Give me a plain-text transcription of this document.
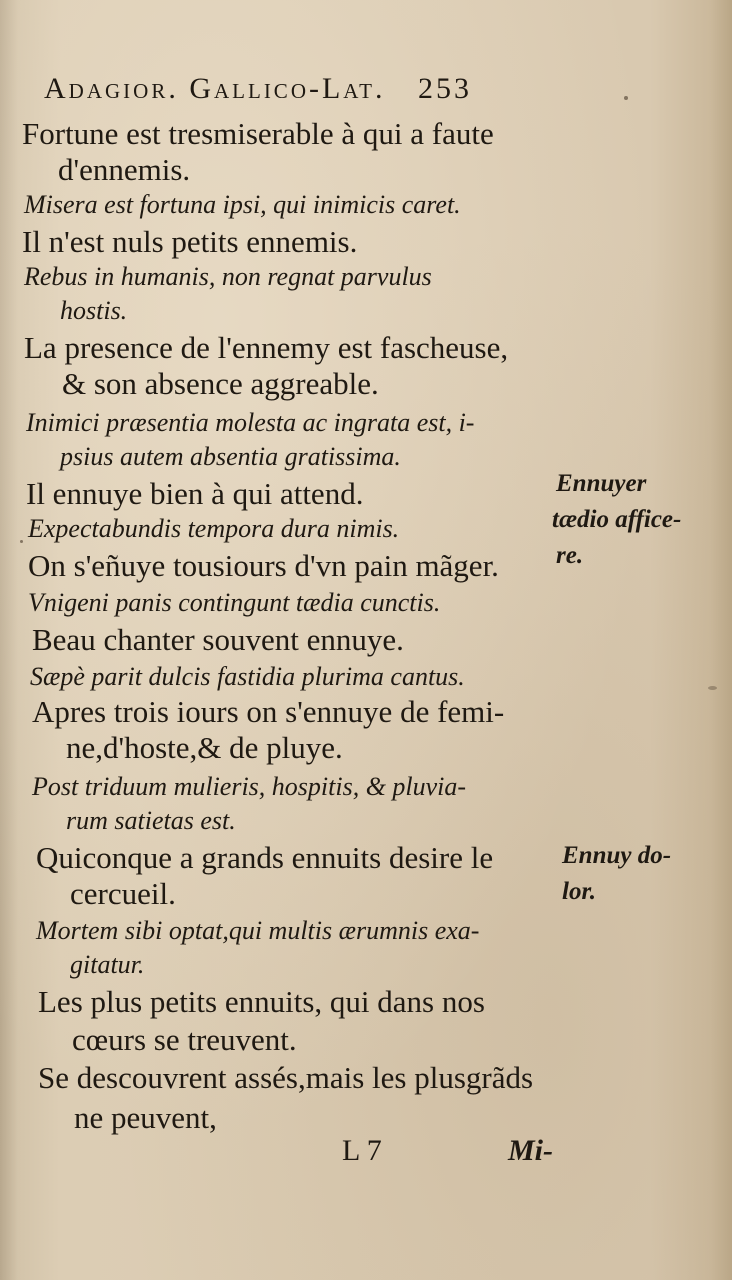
Adagior. Gallico-Lat. 253
Fortune est tresmiserable à qui a faute
d'ennemis.
Misera est fortuna ipsi, qui inimicis caret.
Il n'est nuls petits ennemis.
Rebus in humanis, non regnat parvulus
hostis.
La presence de l'ennemy est fascheuse,
& son absence aggreable.
Inimici præsentia molesta ac ingrata est, i-
psius autem absentia gratissima.
Il ennuye bien à qui attend.
Expectabundis tempora dura nimis.
On s'eñuye tousiours d'vn pain mãger.
Vnigeni panis contingunt tædia cunctis.
Beau chanter souvent ennuye.
Sæpè parit dulcis fastidia plurima cantus.
Apres trois iours on s'ennuye de femi-
ne,d'hoste,& de pluye.
Post triduum mulieris, hospitis, & pluvia-
rum satietas est.
Quiconque a grands ennuits desire le
cercueil.
Mortem sibi optat,qui multis ærumnis exa-
gitatur.
Les plus petits ennuits, qui dans nos
cœurs se treuvent.
Se descouvrent assés,mais les plusgrãds
ne peuvent,
Ennuyer
tædio affice-
re.
Ennuy do-
lor.
L 7	Mi-
